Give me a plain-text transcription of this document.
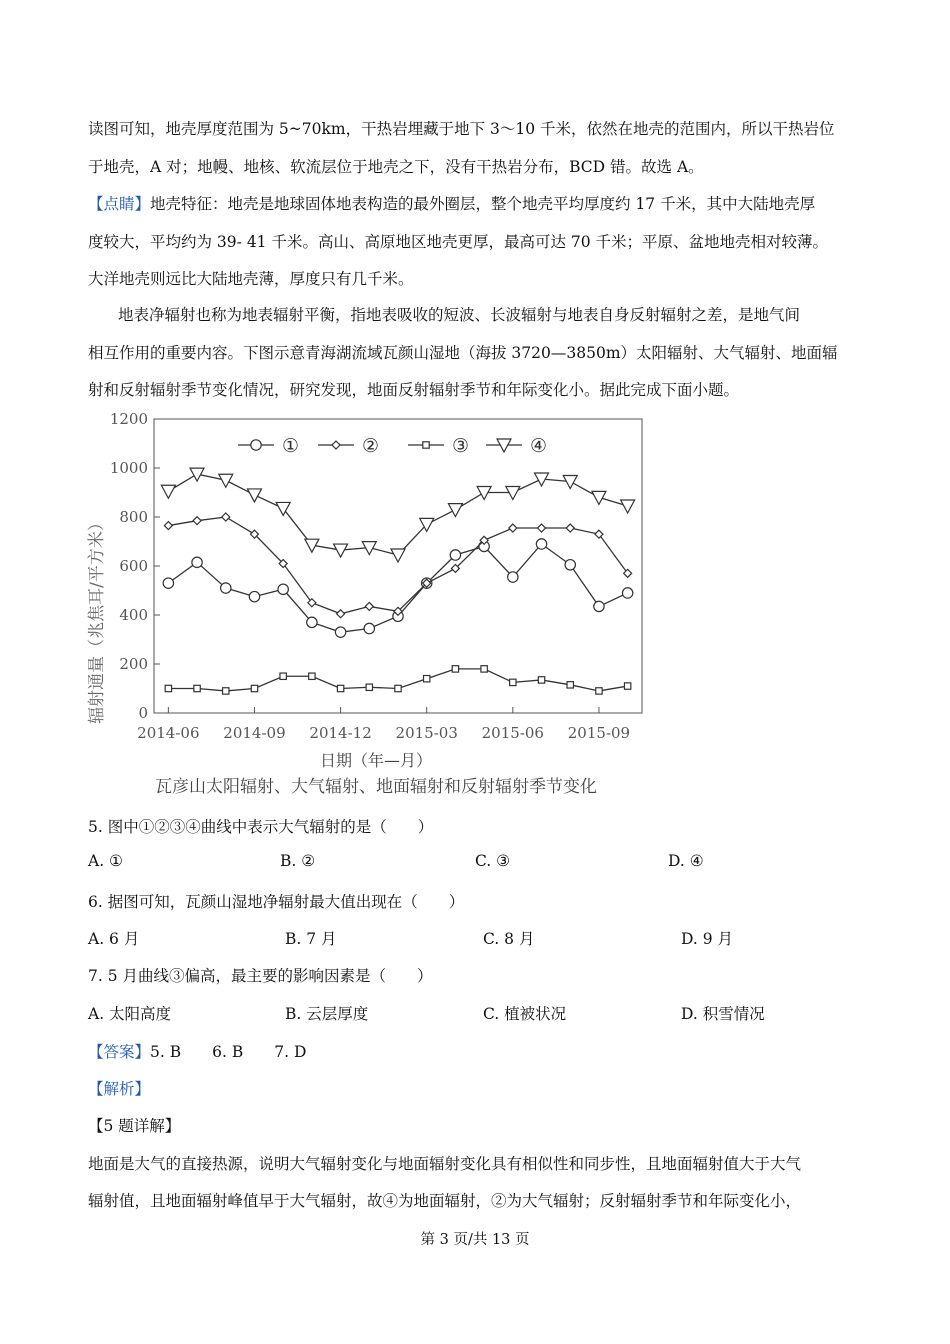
读图可知，地壳厚度范围为 5~70km，干热岩埋藏于地下 3～10 千米，依然在地壳的范围内，所以干热岩位
于地壳，A 对；地幔、地核、软流层位于地壳之下，没有干热岩分布，BCD 错。故选 A。
【点睛】地壳特征：地壳是地球固体地表构造的最外圈层，整个地壳平均厚度约 17 千米，其中大陆地壳厚
度较大，平均约为 39- 41 千米。高山、高原地区地壳更厚，最高可达 70 千米；平原、盆地地壳相对较薄。
大洋地壳则远比大陆地壳薄，厚度只有几千米。
地表净辐射也称为地表辐射平衡，指地表吸收的短波、长波辐射与地表自身反射辐射之差，是地气间
相互作用的重要内容。下图示意青海湖流域瓦颜山湿地（海拔 3720—3850m）太阳辐射、大气辐射、地面辐
射和反射辐射季节变化情况，研究发现，地面反射辐射季节和年际变化小。据此完成下面小题。
0
200
400
600
800
1000
1200
2014-06 2014-09 2014-12 2015-03 2015-06 2015-09
①	②	③	④
辐射通量（兆焦耳/平方米）
日期（年—月）
瓦彦山太阳辐射、大气辐射、地面辐射和反射辐射季节变化
5. 图中①②③④曲线中表示大气辐射的是（　　）
A. ①	B. ②	C. ③	D. ④
6. 据图可知，瓦颜山湿地净辐射最大值出现在（　　）
A. 6 月	B. 7 月	C. 8 月	D. 9 月
7. 5 月曲线③偏高，最主要的影响因素是（　　）
A. 太阳高度	B. 云层厚度	C. 植被状况	D. 积雪情况
【答案】5. B　　6. B　　7. D
【解析】
【5 题详解】
地面是大气的直接热源，说明大气辐射变化与地面辐射变化具有相似性和同步性，且地面辐射值大于大气
辐射值，且地面辐射峰值早于大气辐射，故④为地面辐射，②为大气辐射；反射辐射季节和年际变化小，
第 3 页/共 13 页
